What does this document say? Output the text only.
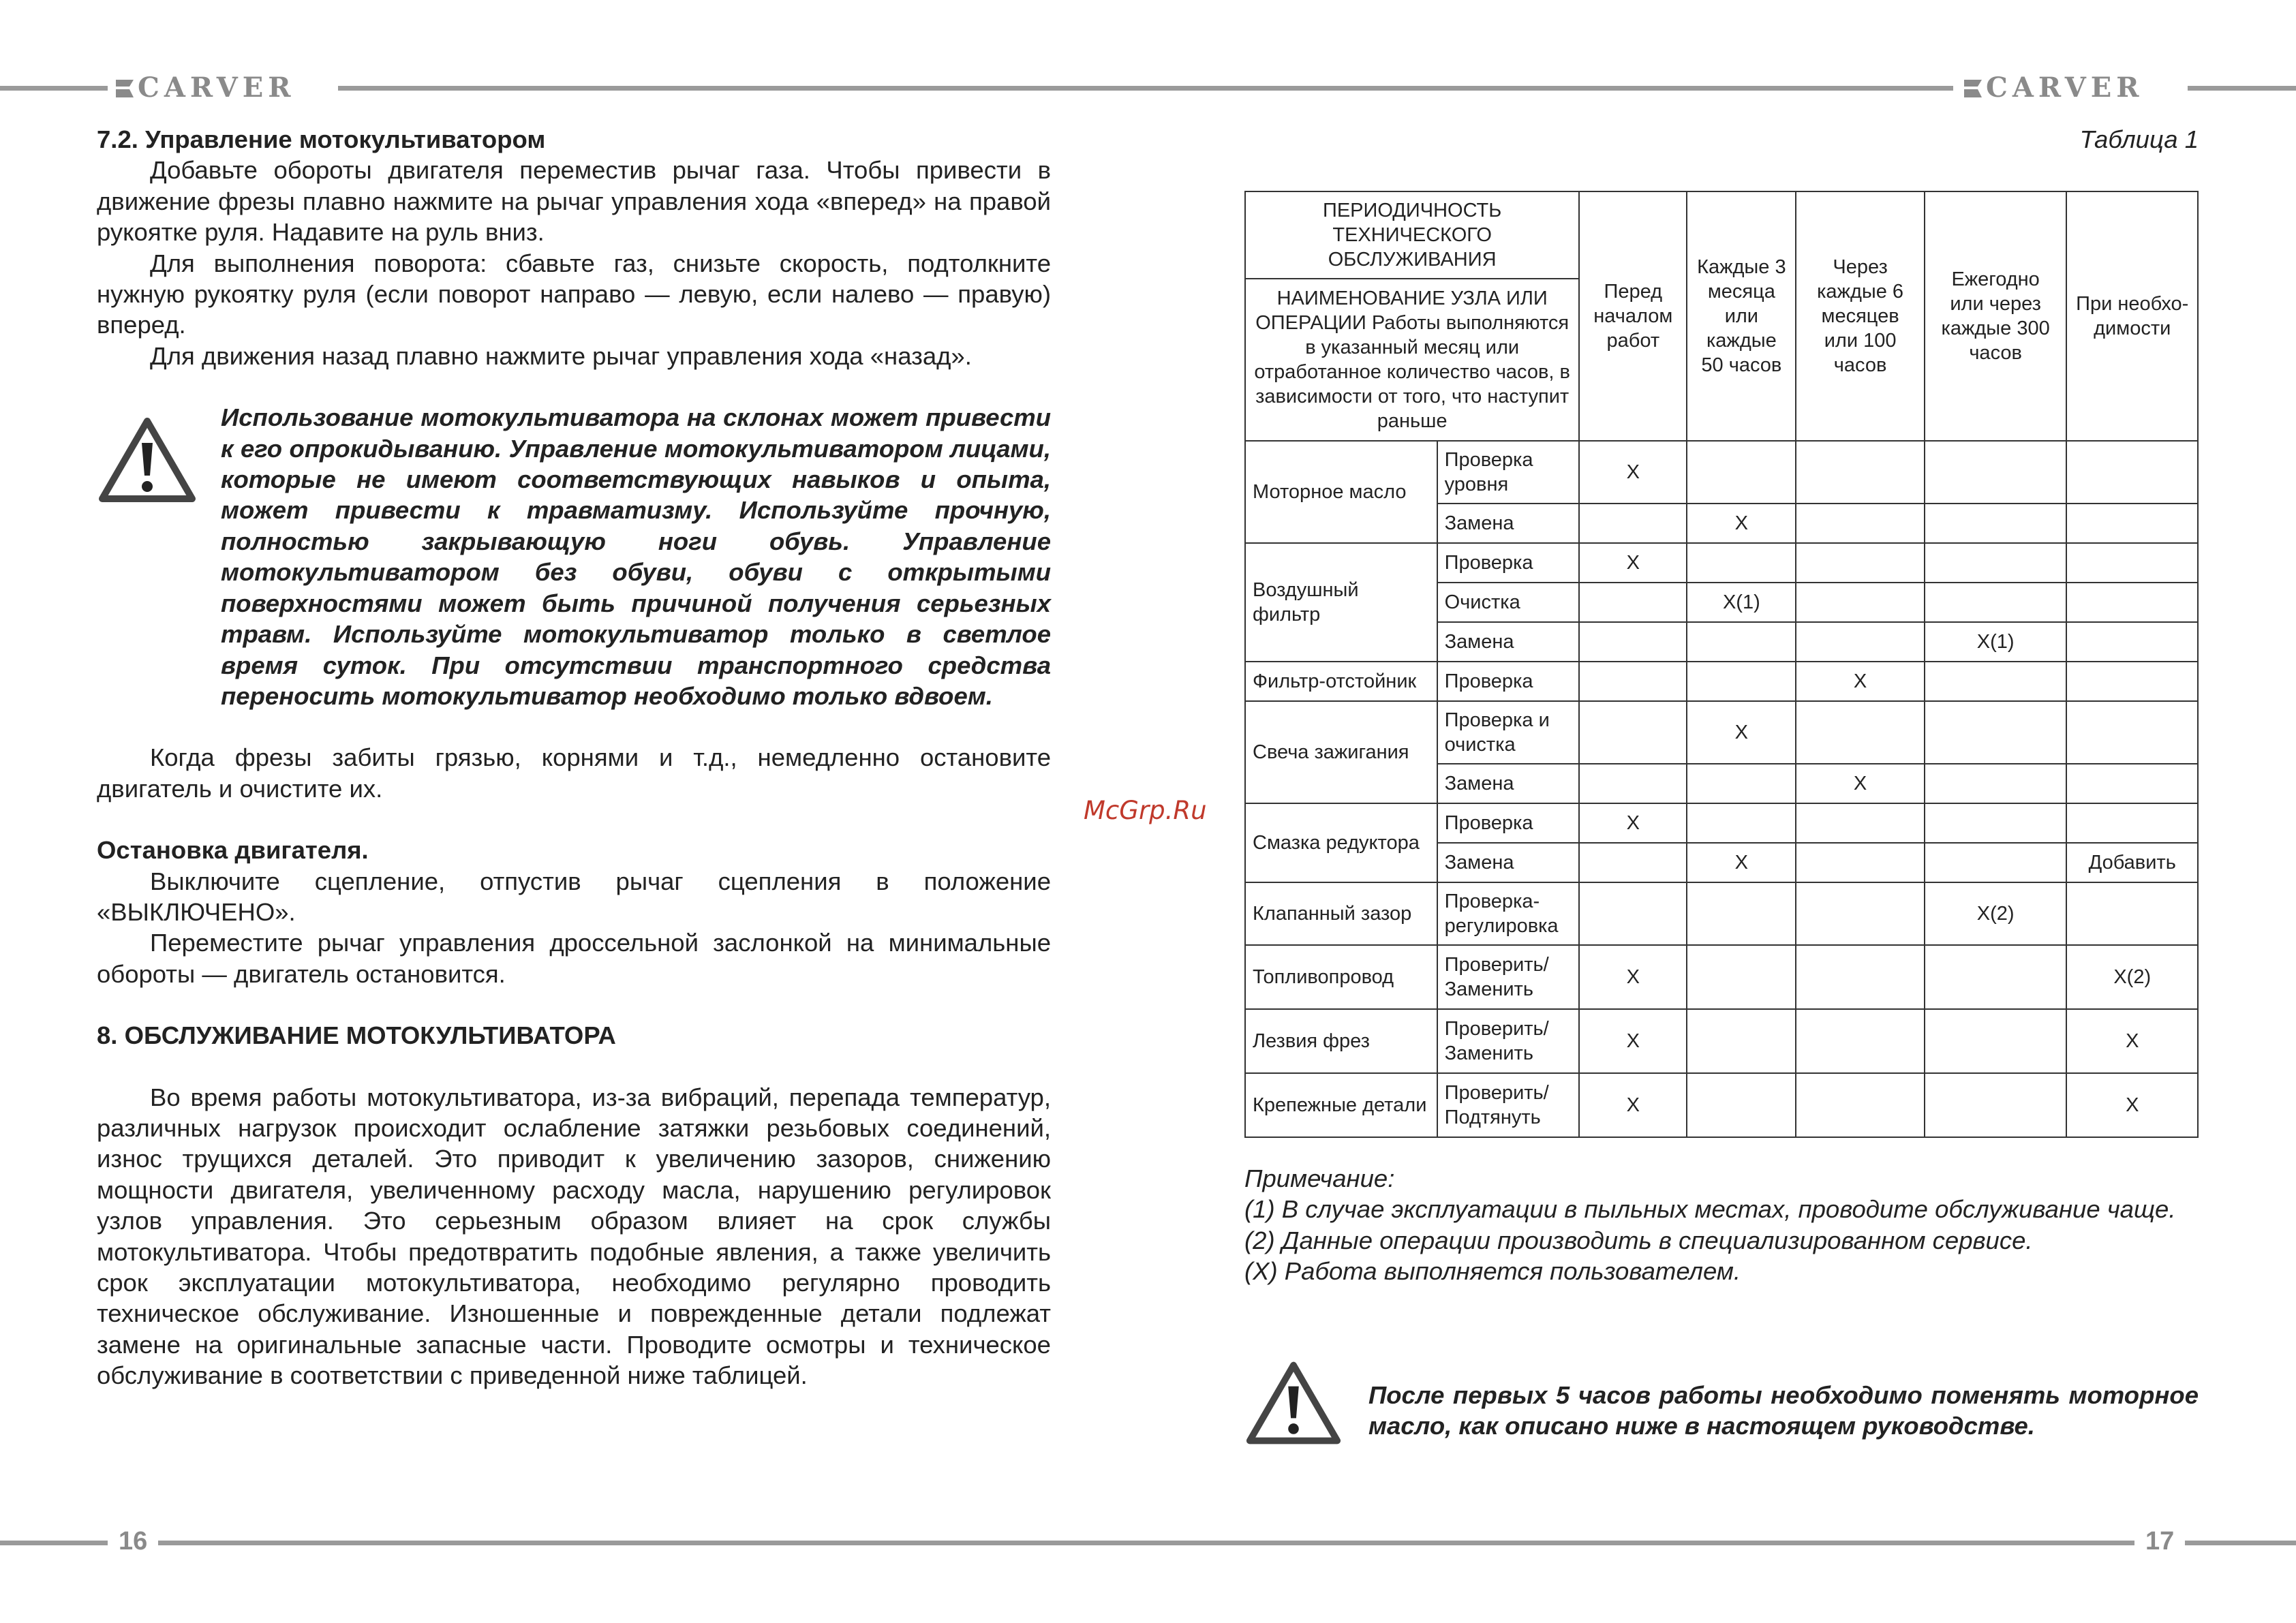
CARVER	CARVER

7.2. Управление мотокультиватором

Добавьте обороты двигателя переместив рычаг газа. Чтобы привести в движение фрезы плавно нажмите на рычаг управления хода «вперед» на правой рукоятке руля. Надавите на руль вниз.

Для выполнения поворота: сбавьте газ, снизьте скорость, подтолкните нужную рукоятку руля (если поворот направо — левую, если налево — правую) вперед.

Для движения назад плавно нажмите рычаг управления хода «назад».

Использование мотокультиватора на склонах может привести к его опрокидыванию. Управление мотокультиватором лицами, которые не имеют соответствующих навыков и опыта, может привести к травматизму. Используйте прочную, полностью закрывающую ноги обувь. Управление мотокультиватором без обуви, обуви с открытыми поверхностями может быть причиной получения серьезных травм. Используйте мотокультиватор только в светлое время суток. При отсутствии транспортного средства переносить мотокультиватор необходимо только вдвоем.

Когда фрезы забиты грязью, корнями и т.д., немедленно остановите двигатель и очистите их.

Остановка двигателя.

Выключите сцепление, отпустив рычаг сцепления в положение «ВЫКЛЮЧЕНО».

Переместите рычаг управления дроссельной заслонкой на минимальные обороты — двигатель остановится.

8. ОБСЛУЖИВАНИЕ МОТОКУЛЬТИВАТОРА

Во время работы мотокультиватора, из-за вибраций, перепада температур, различных нагрузок происходит ослабление затяжки резьбовых соединений, износ трущихся деталей. Это приводит к увеличению зазоров, снижению мощности двигателя, увеличенному расходу масла, нарушению регулировок узлов управления. Это серьезным образом влияет на срок службы мотокультиватора. Чтобы предотвратить подобные явления, а также увеличить срок эксплуатации мотокультиватора, необходимо регулярно проводить техническое обслуживание. Изношенные и поврежденные детали подлежат замене на оригинальные запасные части. Проводите осмотры и техническое обслуживание в соответствии с приведенной ниже таблицей.

McGrp.Ru

Таблица 1

ПЕРИОДИЧНОСТЬ ТЕХНИЧЕСКОГО ОБСЛУЖИВАНИЯ		Перед началом работ	Каждые 3 месяца или каждые 50 часов	Через каждые 6 месяцев или 100 часов	Ежегодно или через каждые 300 часов	При необхо-димости
НАИМЕНОВАНИЕ УЗЛА ИЛИ ОПЕРАЦИИ Работы выполняются в указанный месяц или отработанное количество часов, в зависимости от того, что наступит раньше						
Моторное масло	Проверка уровня	X				
	Замена		X			
Воздушный фильтр	Проверка	X				
	Очистка		X(1)			
	Замена				X(1)	
Фильтр-отстойник	Проверка			X		
Свеча зажигания	Проверка и очистка		X			
	Замена			X		
Смазка редуктора	Проверка	X				
	Замена		X			Добавить
Клапанный зазор	Проверка-регулировка				X(2)	
Топливопровод	Проверить/ Заменить	X				X(2)
Лезвия фрез	Проверить/ Заменить	X				X
Крепежные детали	Проверить/ Подтянуть	X				X

Примечание:

(1) В случае эксплуатации в пыльных местах, проводите обслуживание чаще.

(2) Данные операции производить в специализированном сервисе.

(X) Работа выполняется пользователем.

После первых 5 часов работы необходимо поменять моторное масло, как описано ниже в настоящем руководстве.

16	17
